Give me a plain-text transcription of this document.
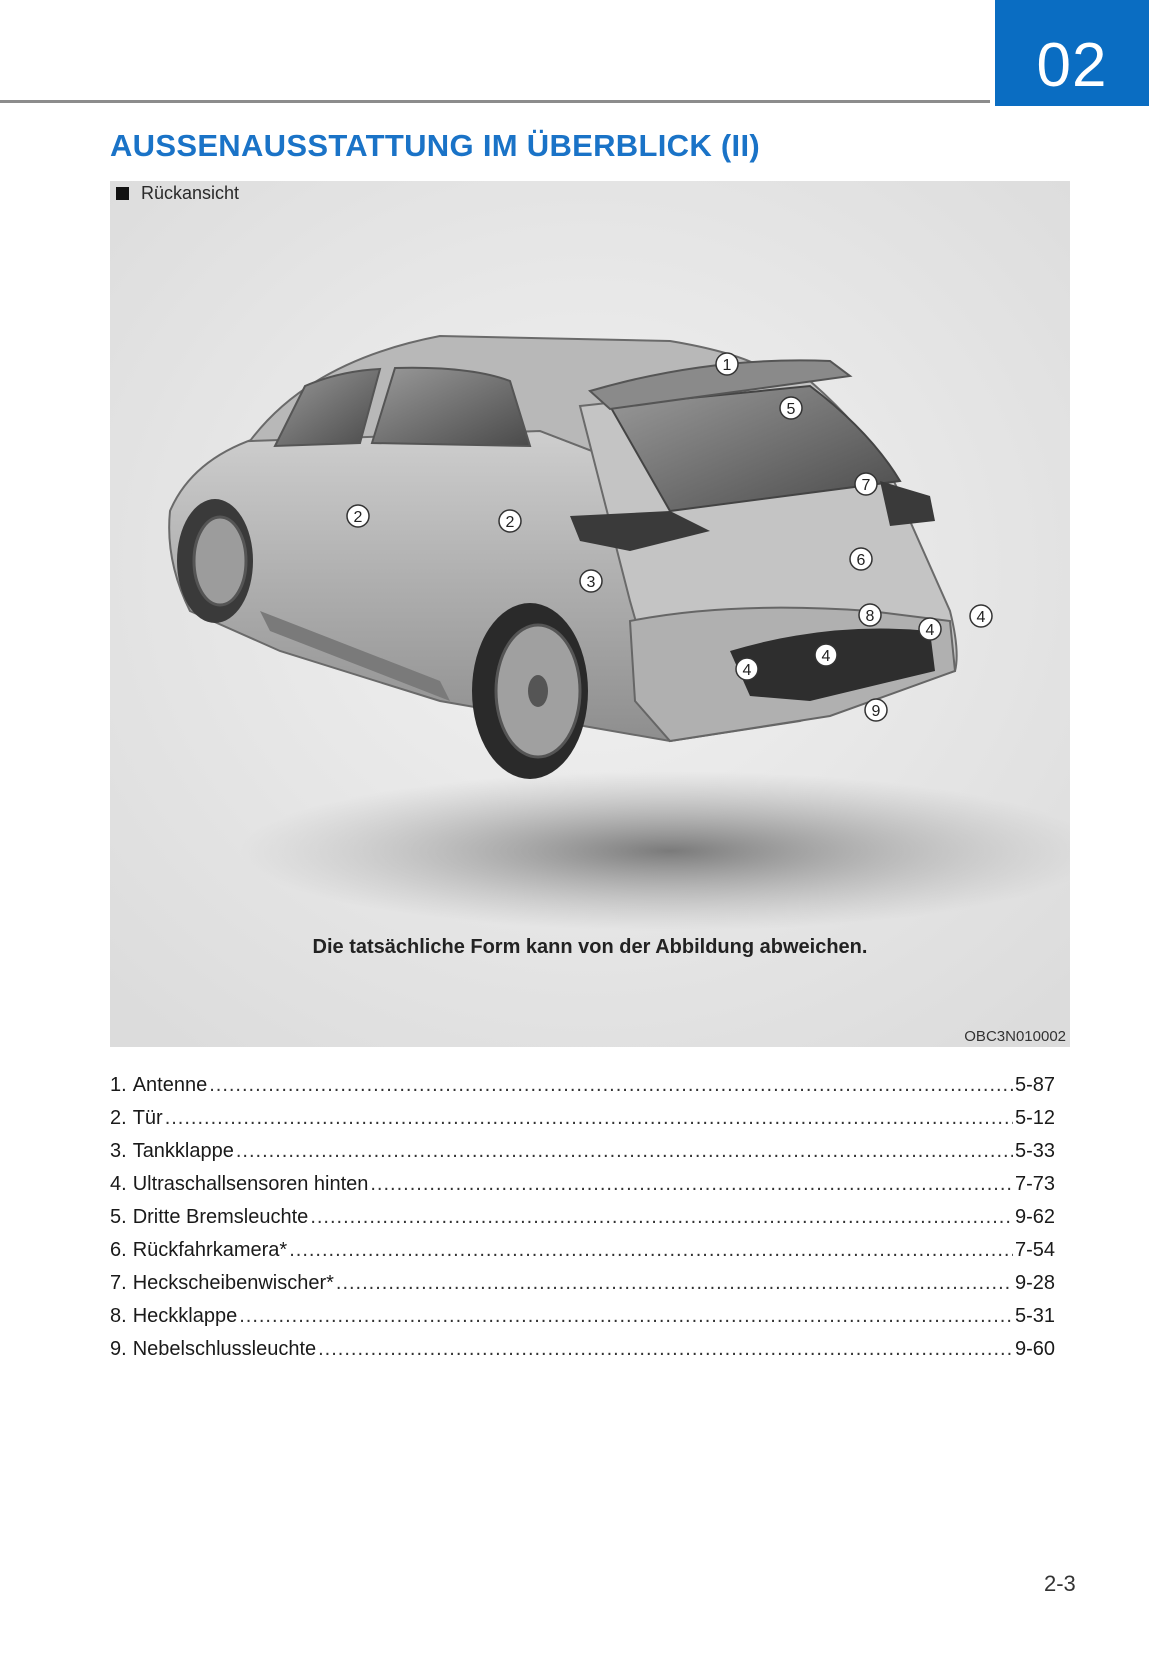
02
AUSSENAUSSTATTUNG IM ÜBERBLICK (II)
Rückansicht
1
2	2
3
4
4
4
4
5
6
7
8
9
Die tatsächliche Form kann von der Abbildung abweichen.
OBC3N010002
1. Antenne .....	5-87
2. Tür .....	5-12
3. Tankklappe .....	5-33
4. Ultraschallsensoren hinten .....	7-73
5. Dritte Bremsleuchte .....	9-62
6. Rückfahrkamera* .....	7-54
7. Heckscheibenwischer* .....	9-28
8. Heckklappe .....	5-31
9. Nebelschlussleuchte .....	9-60
2-3
